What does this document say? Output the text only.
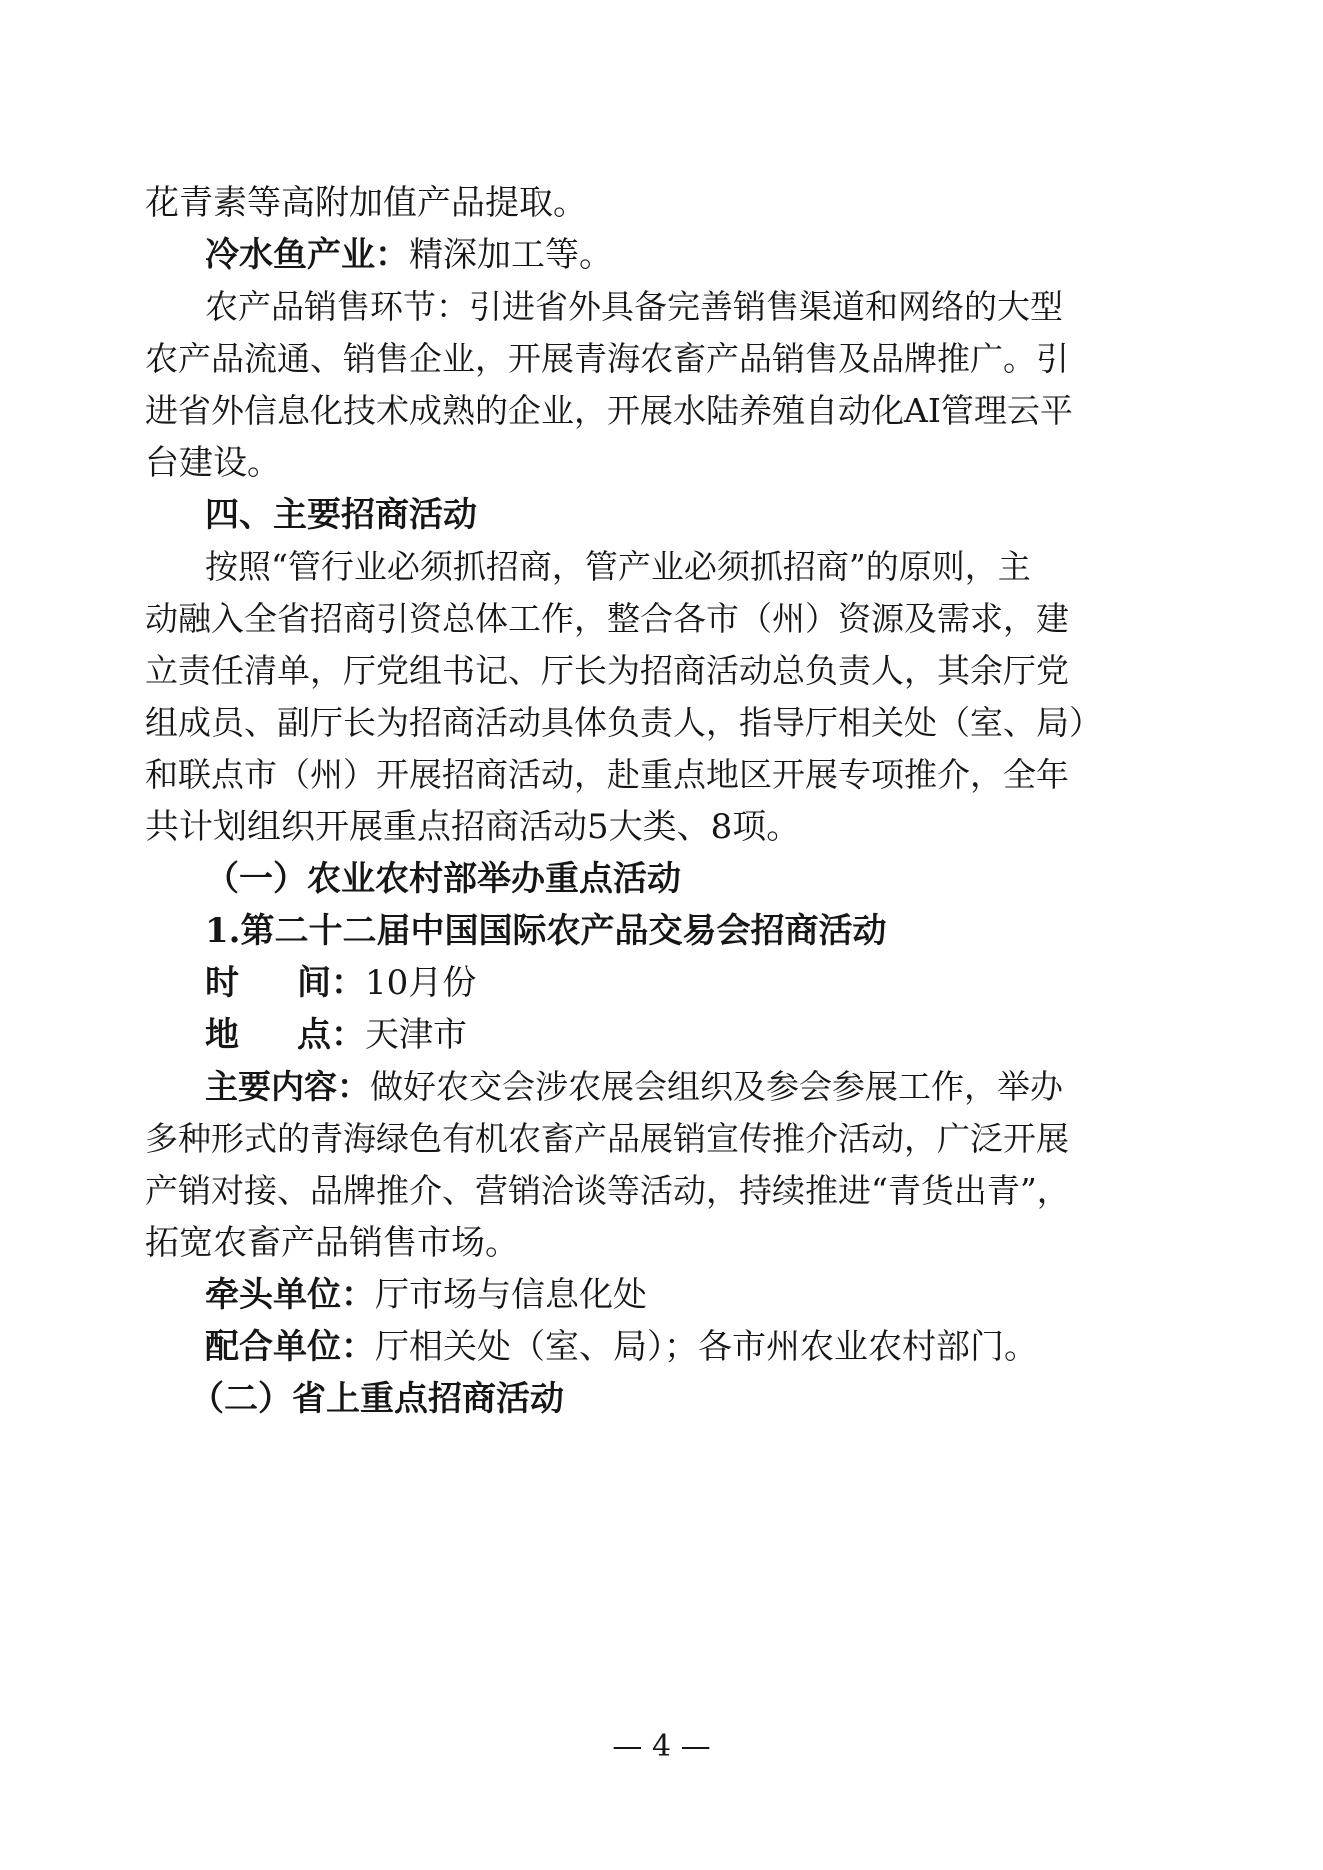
花青素等高附加值产品提取。

冷水鱼产业：精深加工等。

农产品销售环节：引进省外具备完善销售渠道和网络的大型

农产品流通、销售企业，开展青海农畜产品销售及品牌推广。引

进省外信息化技术成熟的企业，开展水陆养殖自动化AI管理云平

台建设。

四、主要招商活动

按照“管行业必须抓招商，管产业必须抓招商”的原则，主

动融入全省招商引资总体工作，整合各市（州）资源及需求，建

立责任清单，厅党组书记、厅长为招商活动总负责人，其余厅党

组成员、副厅长为招商活动具体负责人，指导厅相关处（室、局）

和联点市（州）开展招商活动，赴重点地区开展专项推介，全年

共计划组织开展重点招商活动5大类、8项。

（一）农业农村部举办重点活动

1.第二十二届中国国际农产品交易会招商活动

时 间：10月份

地 点：天津市

主要内容：做好农交会涉农展会组织及参会参展工作，举办

多种形式的青海绿色有机农畜产品展销宣传推介活动，广泛开展

产销对接、品牌推介、营销洽谈等活动，持续推进“青货出青”，

拓宽农畜产品销售市场。

牵头单位：厅市场与信息化处

配合单位：厅相关处（室、局）；各市州农业农村部门。

（二）省上重点招商活动

— 4 —
